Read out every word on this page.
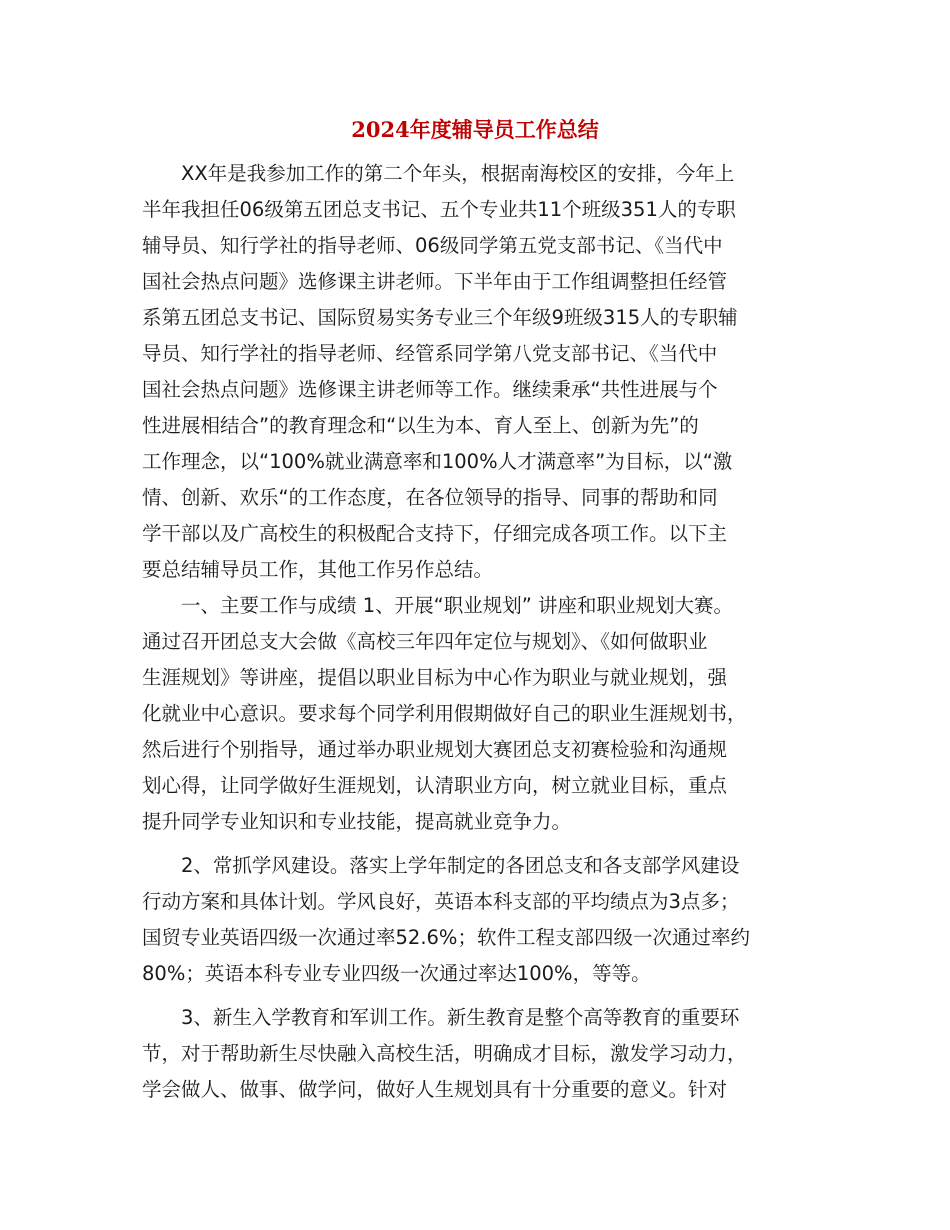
2024年度辅导员工作总结

XX年是我参加工作的第二个年头，根据南海校区的安排，今年上

半年我担任06级第五团总支书记、五个专业共11个班级351人的专职

辅导员、知行学社的指导老师、06级同学第五党支部书记、《当代中

国社会热点问题》选修课主讲老师。下半年由于工作组调整担任经管

系第五团总支书记、国际贸易实务专业三个年级9班级315人的专职辅

导员、知行学社的指导老师、经管系同学第八党支部书记、《当代中

国社会热点问题》选修课主讲老师等工作。继续秉承“共性进展与个

性进展相结合”的教育理念和“以生为本、育人至上、创新为先”的

工作理念，以“100%就业满意率和100%人才满意率”为目标，以“激

情、创新、欢乐“的工作态度，在各位领导的指导、同事的帮助和同

学干部以及广高校生的积极配合支持下，仔细完成各项工作。以下主

要总结辅导员工作，其他工作另作总结。

一、主要工作与成绩 1、开展“职业规划” 讲座和职业规划大赛。

通过召开团总支大会做《高校三年四年定位与规划》、《如何做职业

生涯规划》等讲座，提倡以职业目标为中心作为职业与就业规划，强

化就业中心意识。要求每个同学利用假期做好自己的职业生涯规划书，

然后进行个别指导，通过举办职业规划大赛团总支初赛检验和沟通规

划心得，让同学做好生涯规划，认清职业方向，树立就业目标，重点

提升同学专业知识和专业技能，提高就业竞争力。

2、常抓学风建设。落实上学年制定的各团总支和各支部学风建设

行动方案和具体计划。学风良好，英语本科支部的平均绩点为3点多；

国贸专业英语四级一次通过率52.6%；软件工程支部四级一次通过率约

80%；英语本科专业专业四级一次通过率达100%，等等。

3、新生入学教育和军训工作。新生教育是整个高等教育的重要环

节，对于帮助新生尽快融入高校生活，明确成才目标，激发学习动力，

学会做人、做事、做学问，做好人生规划具有十分重要的意义。针对
